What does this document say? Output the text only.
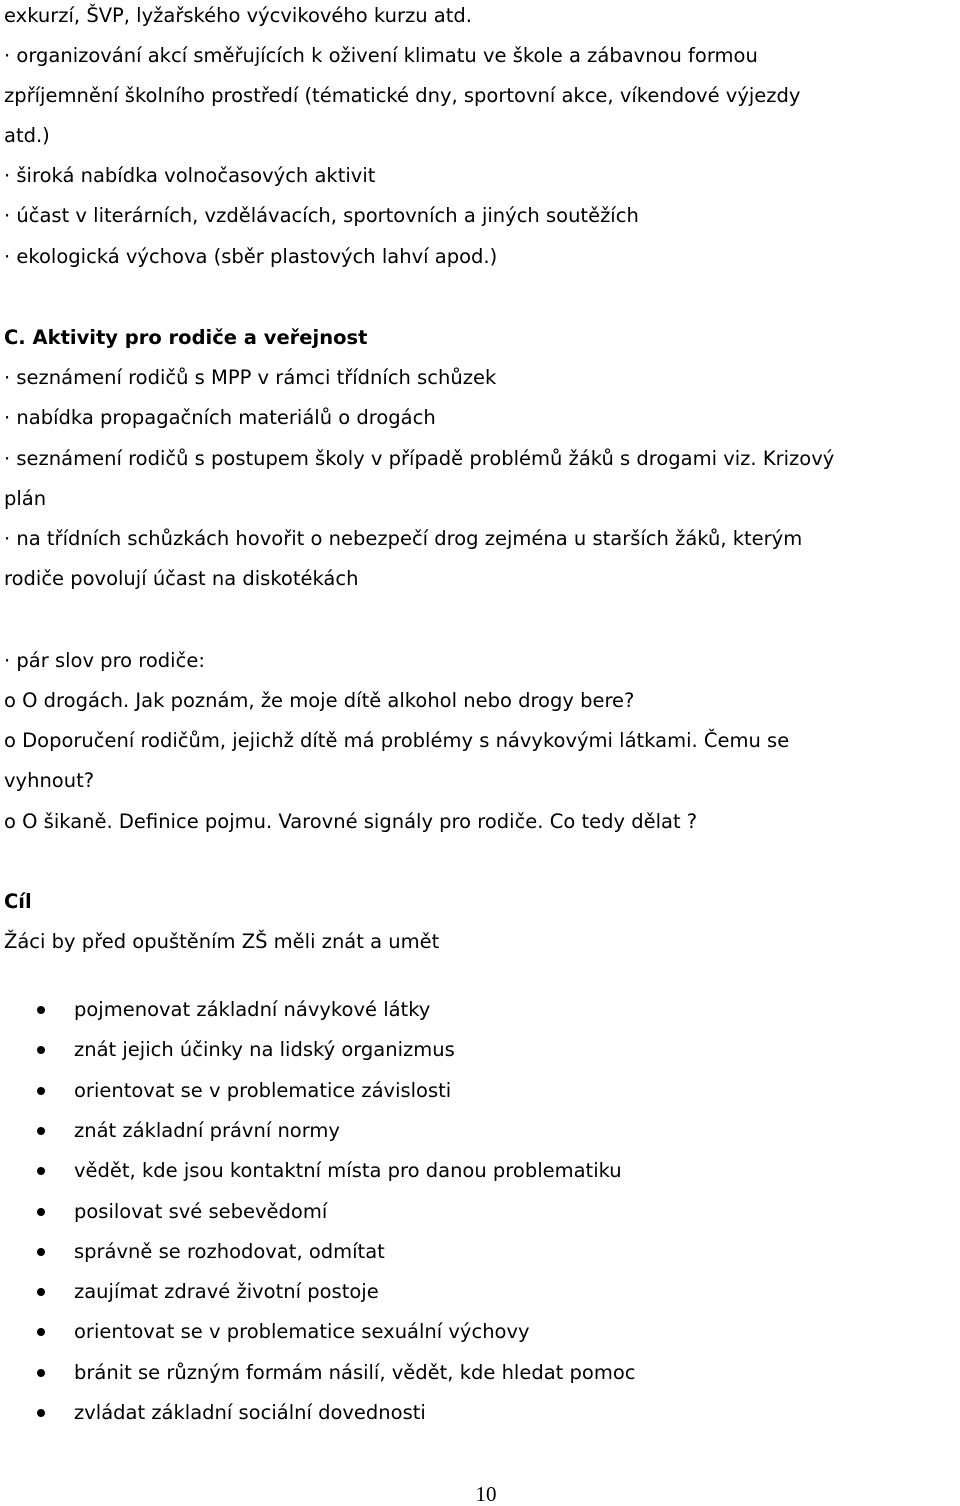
exkurzí, ŠVP, lyžařského výcvikového kurzu atd.
· organizování akcí směřujících k oživení klimatu ve škole a zábavnou formou
zpříjemnění školního prostředí (tématické dny, sportovní akce, víkendové výjezdy
atd.)
· široká nabídka volnočasových aktivit
· účast v literárních, vzdělávacích, sportovních a jiných soutěžích
· ekologická výchova (sběr plastových lahví apod.)
C. Aktivity pro rodiče a veřejnost
· seznámení rodičů s MPP v rámci třídních schůzek
· nabídka propagačních materiálů o drogách
· seznámení rodičů s postupem školy v případě problémů žáků s drogami viz. Krizový
plán
· na třídních schůzkách hovořit o nebezpečí drog zejména u starších žáků, kterým
rodiče povolují účast na diskotékách
· pár slov pro rodiče:
o O drogách. Jak poznám, že moje dítě alkohol nebo drogy bere?
o Doporučení rodičům, jejichž dítě má problémy s návykovými látkami. Čemu se
vyhnout?
o O šikaně. Definice pojmu. Varovné signály pro rodiče. Co tedy dělat ?
Cíl
Žáci by před opuštěním ZŠ měli znát a umět
pojmenovat základní návykové látky
znát jejich účinky na lidský organizmus
orientovat se v problematice závislosti
znát základní právní normy
vědět, kde jsou kontaktní místa pro danou problematiku
posilovat své sebevědomí
správně se rozhodovat, odmítat
zaujímat zdravé životní postoje
orientovat se v problematice sexuální výchovy
bránit se různým formám násilí, vědět, kde hledat pomoc
zvládat základní sociální dovednosti
10
